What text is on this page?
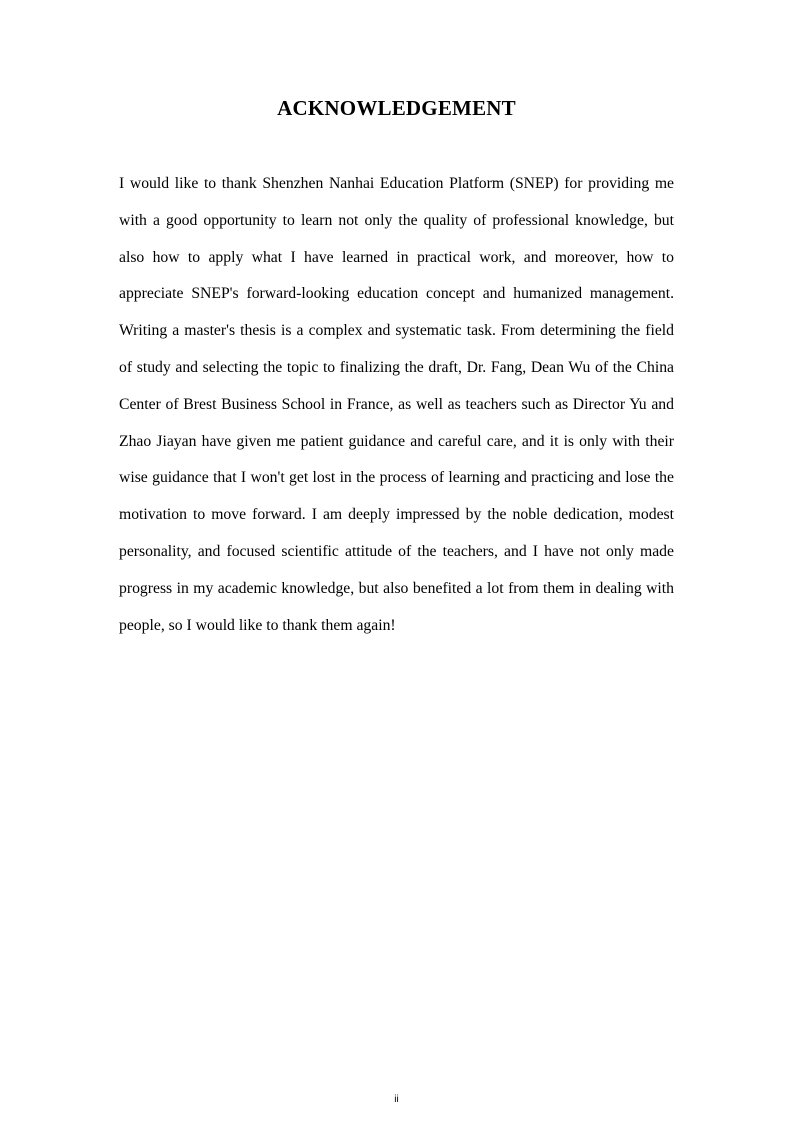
ACKNOWLEDGEMENT

I would like to thank Shenzhen Nanhai Education Platform (SNEP) for providing me with a good opportunity to learn not only the quality of professional knowledge, but also how to apply what I have learned in practical work, and moreover, how to appreciate SNEP's forward-looking education concept and humanized management. Writing a master's thesis is a complex and systematic task. From determining the field of study and selecting the topic to finalizing the draft, Dr. Fang, Dean Wu of the China Center of Brest Business School in France, as well as teachers such as Director Yu and Zhao Jiayan have given me patient guidance and careful care, and it is only with their wise guidance that I won't get lost in the process of learning and practicing and lose the motivation to move forward. I am deeply impressed by the noble dedication, modest personality, and focused scientific attitude of the teachers, and I have not only made progress in my academic knowledge, but also benefited a lot from them in dealing with people, so I would like to thank them again!

ii
